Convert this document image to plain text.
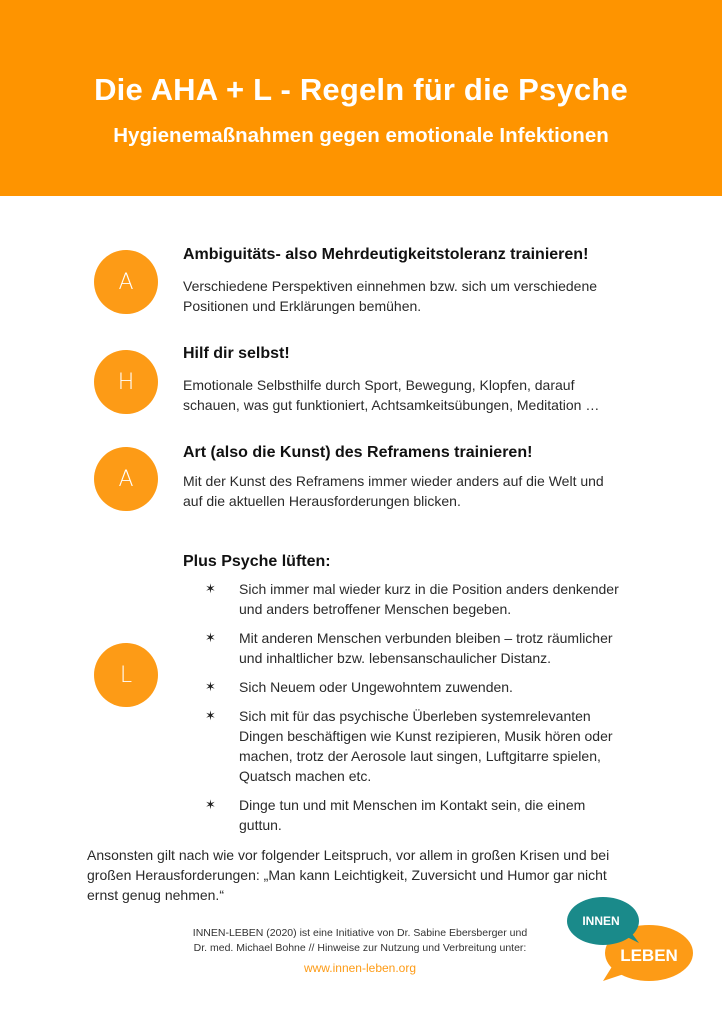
Die AHA + L - Regeln für die Psyche
Hygienemaßnahmen gegen emotionale Infektionen
A
Ambiguitäts- also Mehrdeutigkeitstoleranz trainieren!
Verschiedene Perspektiven einnehmen bzw. sich um verschiedene
Positionen und Erklärungen bemühen.
H
Hilf dir selbst!
Emotionale Selbsthilfe durch Sport, Bewegung, Klopfen, darauf
schauen, was gut funktioniert, Achtsamkeitsübungen, Meditation …
A
Art (also die Kunst) des Reframens trainieren!
Mit der Kunst des Reframens immer wieder anders auf die Welt und
auf die aktuellen Herausforderungen blicken.
L
Plus Psyche lüften:
✶ Sich immer mal wieder kurz in die Position anders denkender
und anders betroffener Menschen begeben.
✶ Mit anderen Menschen verbunden bleiben – trotz räumlicher
und inhaltlicher bzw. lebensanschaulicher Distanz.
✶ Sich Neuem oder Ungewohntem zuwenden.
✶ Sich mit für das psychische Überleben systemrelevanten
Dingen beschäftigen wie Kunst rezipieren, Musik hören oder
machen, trotz der Aerosole laut singen, Luftgitarre spielen,
Quatsch machen etc.
✶ Dinge tun und mit Menschen im Kontakt sein, die einem
guttun.
Ansonsten gilt nach wie vor folgender Leitspruch, vor allem in großen Krisen und bei
großen Herausforderungen: „Man kann Leichtigkeit, Zuversicht und Humor gar nicht
ernst genug nehmen.“
INNEN-LEBEN (2020) ist eine Initiative von Dr. Sabine Ebersberger und
Dr. med. Michael Bohne // Hinweise zur Nutzung und Verbreitung unter:
www.innen-leben.org
INNEN
LEBEN
